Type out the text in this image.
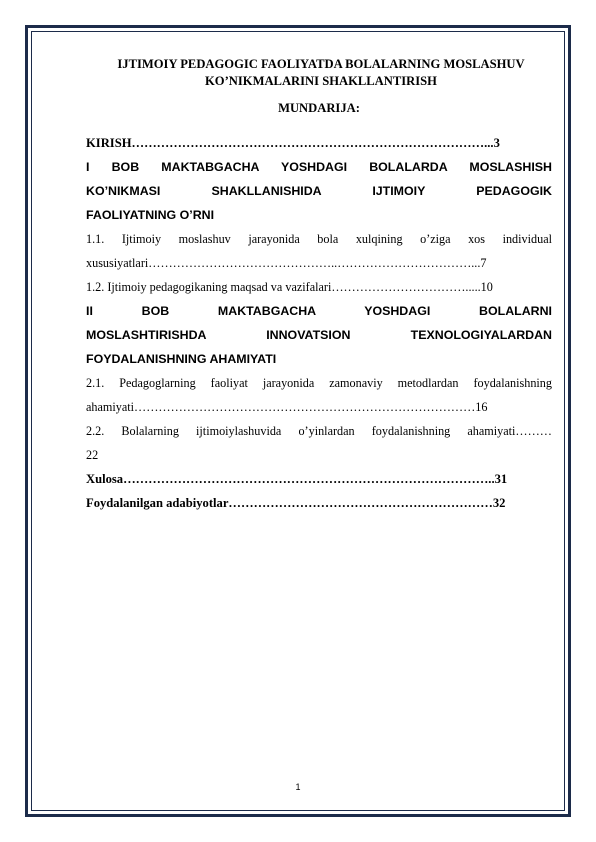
IJTIMOIY PEDAGOGIC FAOLIYATDA BOLALARNING MOSLASHUV
KO’NIKMALARINI SHAKLLANTIRISH
MUNDARIJA:
KIRISH…………………………………………………………………………...3
I BOB MAKTABGACHA YOSHDAGI BOLALARDA MOSLASHISH
KO’NIKMASI SHAKLLANISHIDA IJTIMOIY PEDAGOGIK
FAOLIYATNING O’RNI
1.1. Ijtimoiy moslashuv jarayonida bola xulqining o’ziga xos individual
xususiyatlari………………………………………..……………………………...7
1.2. Ijtimoiy pedagogikaning maqsad va vazifalari…………………………….....10
II BOB MAKTABGACHA YOSHDAGI BOLALARNI
MOSLASHTIRISHDA INNOVATSION TEXNOLOGIYALARDAN
FOYDALANISHNING AHAMIYATI
2.1. Pedagoglarning faoliyat jarayonida zamonaviy metodlardan foydalanishning
ahamiyati…………………………………………………………………………16
2.2. Bolalarning ijtimoiylashuvida o’yinlardan foydalanishning ahamiyati………
22
Xulosa……………………………………………………………………………..31
Foydalanilgan adabiyotlar………………………………………………………32
1
